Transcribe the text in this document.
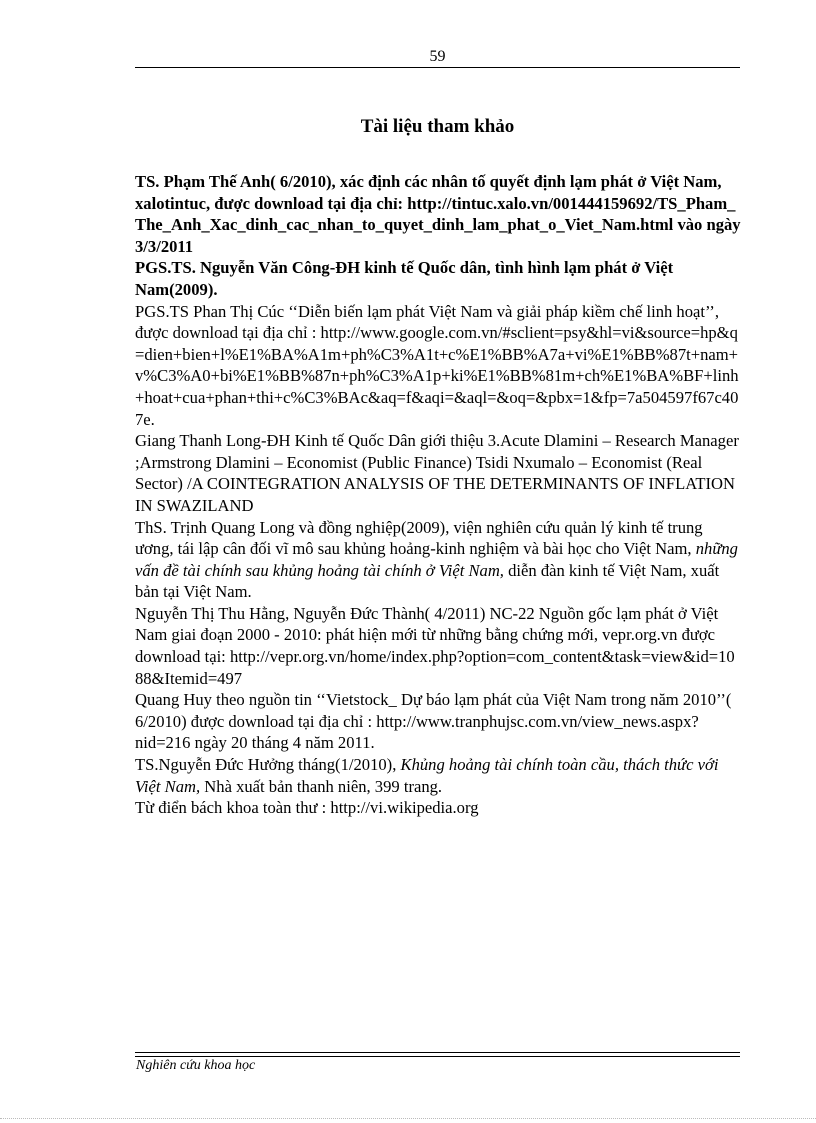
59
Tài liệu tham khảo

TS. Phạm Thế Anh( 6/2010), xác định các nhân tố quyết định lạm phát ở Việt Nam, xalotintuc, được download tại địa chỉ: http://tintuc.xalo.vn/001444159692/TS_Pham_The_Anh_Xac_dinh_cac_nhan_to_quyet_dinh_lam_phat_o_Viet_Nam.html vào ngày 3/3/2011

PGS.TS. Nguyễn Văn Công-ĐH kinh tế Quốc dân, tình hình lạm phát ở Việt Nam(2009).

PGS.TS Phan Thị Cúc ‘‘Diễn biến lạm phát Việt Nam và giải pháp kiềm chế linh hoạt’’, được download tại địa chỉ : http://www.google.com.vn/#sclient=psy&hl=vi&source=hp&q=dien+bien+l%E1%BA%A1m+ph%C3%A1t+c%E1%BB%A7a+vi%E1%BB%87t+nam+v%C3%A0+bi%E1%BB%87n+ph%C3%A1p+ki%E1%BB%81m+ch%E1%BA%BF+linh+hoat+cua+phan+thi+c%C3%BAc&aq=f&aqi=&aql=&oq=&pbx=1&fp=7a504597f67c407e.

Giang Thanh Long-ĐH Kinh tế Quốc Dân giới thiệu 3.Acute Dlamini – Research Manager ;Armstrong Dlamini – Economist (Public Finance) Tsidi Nxumalo – Economist (Real Sector) /A COINTEGRATION ANALYSIS OF THE DETERMINANTS OF INFLATION IN SWAZILAND

ThS. Trịnh Quang Long và đồng nghiệp(2009), viện nghiên cứu quản lý kinh tế trung ương, tái lập cân đối vĩ mô sau khủng hoảng-kinh nghiệm và bài học cho Việt Nam, những vấn đề tài chính sau khủng hoảng tài chính ở Việt Nam, diễn đàn kinh tế Việt Nam, xuất bản tại Việt Nam.

Nguyễn Thị Thu Hằng, Nguyễn Đức Thành( 4/2011) NC-22 Nguồn gốc lạm phát ở Việt Nam giai đoạn 2000 - 2010: phát hiện mới từ những bằng chứng mới, vepr.org.vn được download tại: http://vepr.org.vn/home/index.php?option=com_content&task=view&id=1088&Itemid=497

Quang Huy theo nguồn tin ‘‘Vietstock_ Dự báo lạm phát của Việt Nam trong năm 2010’’( 6/2010) được download tại địa chỉ : http://www.tranphujsc.com.vn/view_news.aspx?nid=216 ngày 20 tháng 4 năm 2011.

TS.Nguyễn Đức Hưởng tháng(1/2010), Khủng hoảng tài chính toàn cầu, thách thức với Việt Nam, Nhà xuất bản thanh niên, 399 trang.

Từ điển bách khoa toàn thư : http://vi.wikipedia.org

Nghiên cứu khoa học
